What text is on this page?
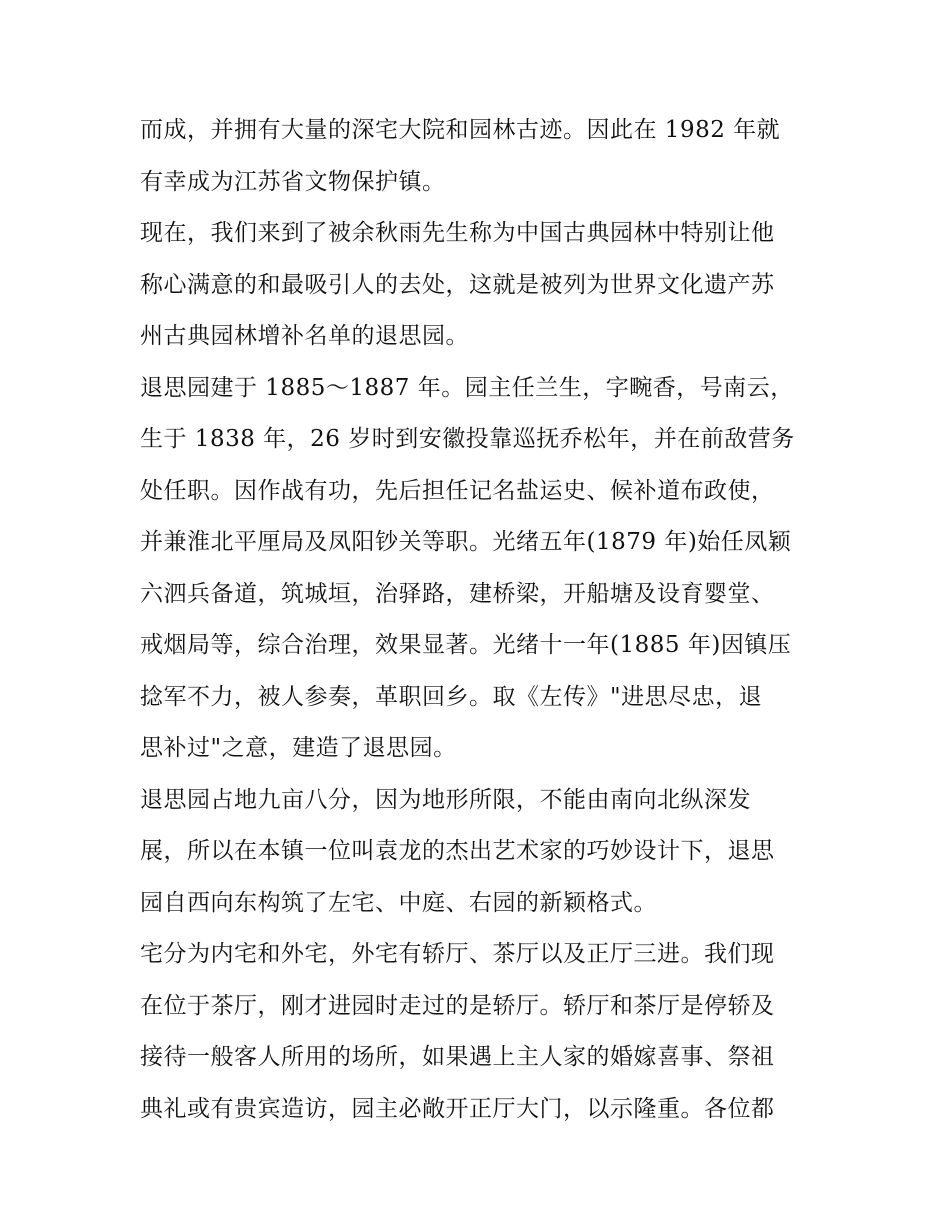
而成，并拥有大量的深宅大院和园林古迹。因此在 1982 年就
有幸成为江苏省文物保护镇。
现在，我们来到了被余秋雨先生称为中国古典园林中特别让他
称心满意的和最吸引人的去处，这就是被列为世界文化遗产苏
州古典园林增补名单的退思园。
退思园建于 1885～1887 年。园主任兰生，字畹香，号南云，
生于 1838 年，26 岁时到安徽投靠巡抚乔松年，并在前敌营务
处任职。因作战有功，先后担任记名盐运史、候补道布政使，
并兼淮北平厘局及凤阳钞关等职。光绪五年(1879 年)始任凤颖
六泗兵备道，筑城垣，治驿路，建桥梁，开船塘及设育婴堂、
戒烟局等，综合治理，效果显著。光绪十一年(1885 年)因镇压
捻军不力，被人参奏，革职回乡。取《左传》"进思尽忠，退
思补过"之意，建造了退思园。
退思园占地九亩八分，因为地形所限，不能由南向北纵深发
展，所以在本镇一位叫袁龙的杰出艺术家的巧妙设计下，退思
园自西向东构筑了左宅、中庭、右园的新颖格式。
宅分为内宅和外宅，外宅有轿厅、茶厅以及正厅三进。我们现
在位于茶厅，刚才进园时走过的是轿厅。轿厅和茶厅是停轿及
接待一般客人所用的场所，如果遇上主人家的婚嫁喜事、祭祖
典礼或有贵宾造访，园主必敞开正厅大门，以示隆重。各位都
